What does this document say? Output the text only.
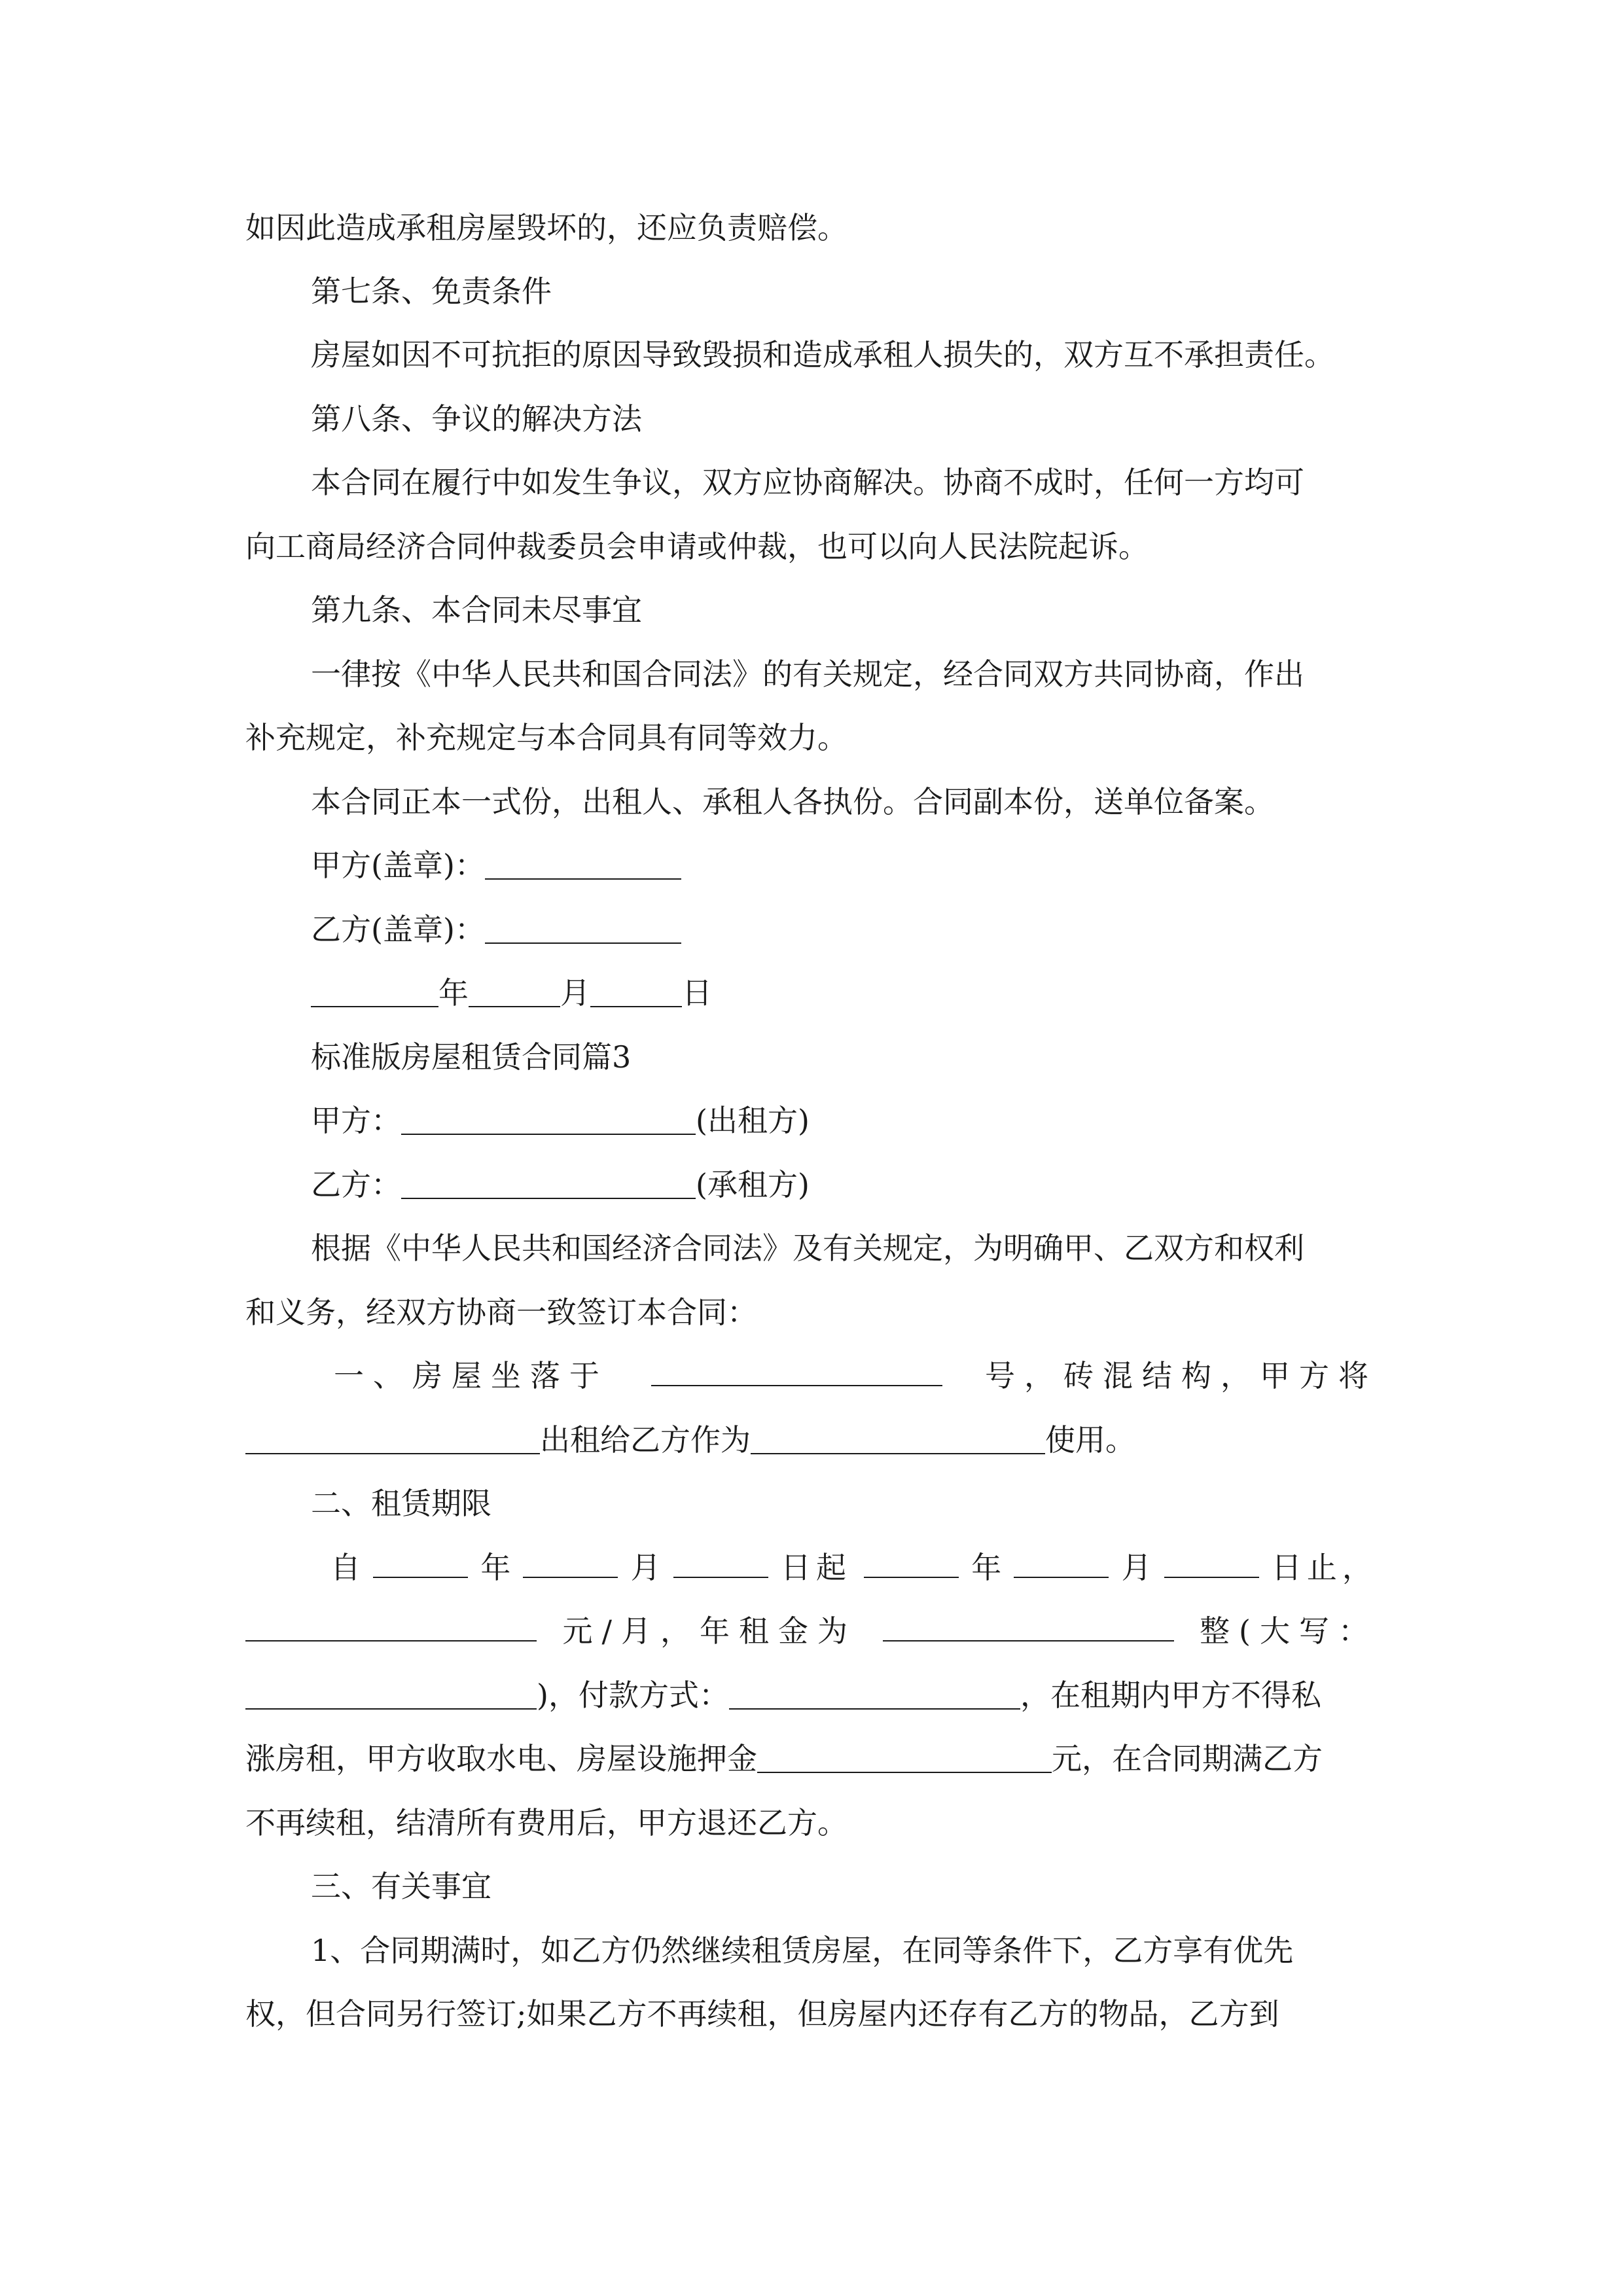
如因此造成承租房屋毁坏的，还应负责赔偿。
第七条、免责条件
房屋如因不可抗拒的原因导致毁损和造成承租人损失的，双方互不承担责任。
第八条、争议的解决方法
本合同在履行中如发生争议，双方应协商解决。协商不成时，任何一方均可
向工商局经济合同仲裁委员会申请或仲裁，也可以向人民法院起诉。
第九条、本合同未尽事宜
一律按《中华人民共和国合同法》的有关规定，经合同双方共同协商，作出
补充规定，补充规定与本合同具有同等效力。
本合同正本一式份，出租人、承租人各执份。合同副本份，送单位备案。
甲方(盖章)：
乙方(盖章)：
年	月	日
标准版房屋租赁合同篇3
甲方：	(出租方)
乙方：	(承租方)
根据《中华人民共和国经济合同法》及有关规定，为明确甲、乙双方和权利
和义务，经双方协商一致签订本合同：
一、房屋坐落于	号，砖混结构，甲方将
出租给乙方作为	使用。
二、租赁期限
自	年	月	日起	年	月	日止，
元/月，年租金为	整(大写：
)，付款方式：	，在租期内甲方不得私
涨房租，甲方收取水电、房屋设施押金	元，在合同期满乙方
不再续租，结清所有费用后，甲方退还乙方。
三、有关事宜
1、合同期满时，如乙方仍然继续租赁房屋，在同等条件下，乙方享有优先
权，但合同另行签订;如果乙方不再续租，但房屋内还存有乙方的物品，乙方到
